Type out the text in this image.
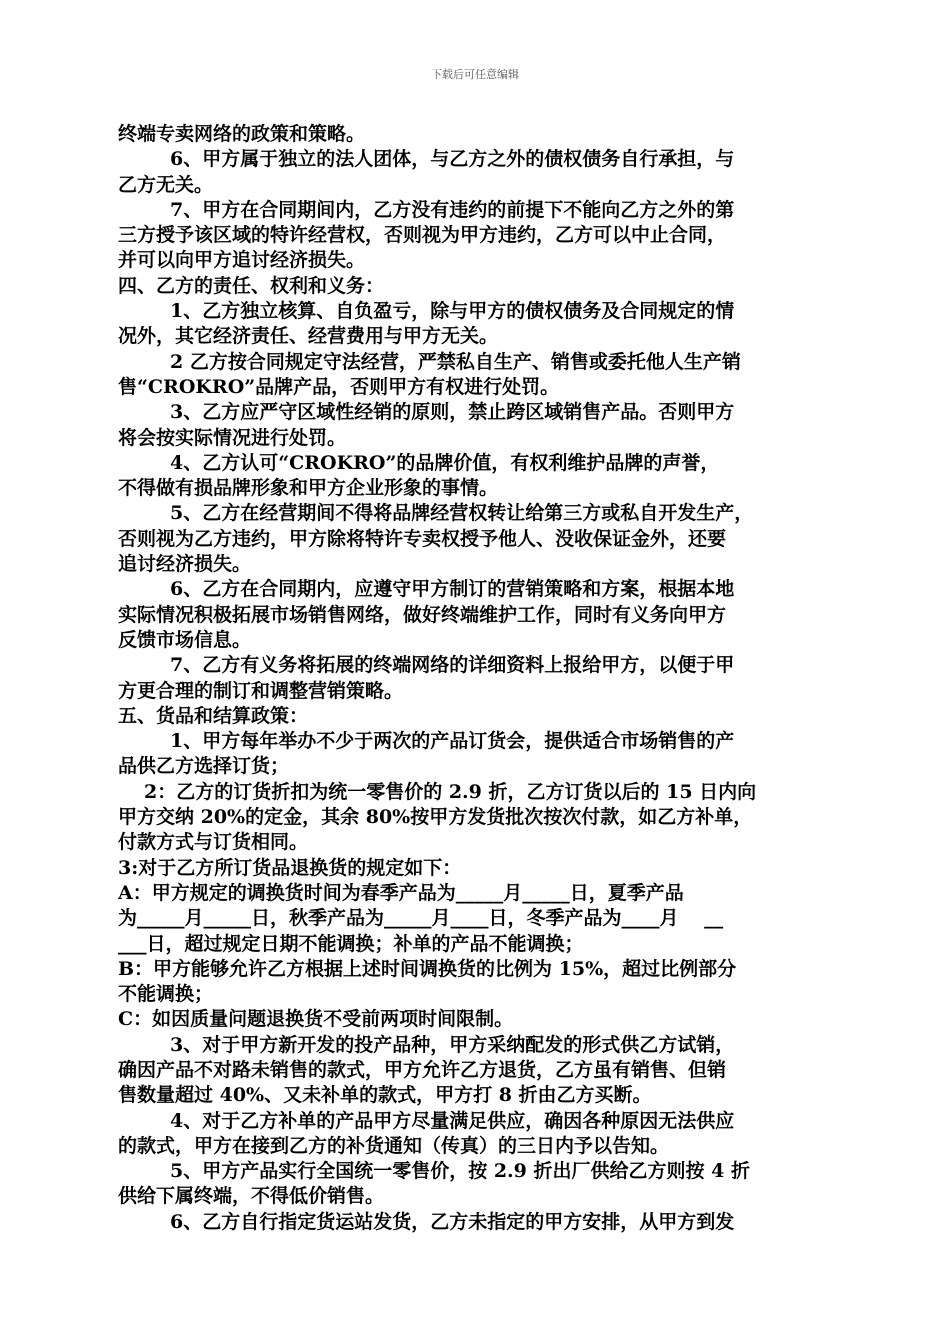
下载后可任意编辑
终端专卖网络的政策和策略。
6、甲方属于独立的法人团体，与乙方之外的债权债务自行承担，与
乙方无关。
7、甲方在合同期间内，乙方没有违约的前提下不能向乙方之外的第
三方授予该区域的特许经营权，否则视为甲方违约，乙方可以中止合同，
并可以向甲方追讨经济损失。
四、乙方的责任、权利和义务：
1、乙方独立核算、自负盈亏，除与甲方的债权债务及合同规定的情
况外，其它经济责任、经营费用与甲方无关。
2 乙方按合同规定守法经营，严禁私自生产、销售或委托他人生产销
售“CROKRO”品牌产品，否则甲方有权进行处罚。
3、乙方应严守区域性经销的原则，禁止跨区域销售产品。否则甲方
将会按实际情况进行处罚。
4、乙方认可“CROKRO”的品牌价值，有权利维护品牌的声誉，
不得做有损品牌形象和甲方企业形象的事情。
5、乙方在经营期间不得将品牌经营权转让给第三方或私自开发生产，
否则视为乙方违约，甲方除将特许专卖权授予他人、没收保证金外，还要
追讨经济损失。
6、乙方在合同期内，应遵守甲方制订的营销策略和方案，根据本地
实际情况积极拓展市场销售网络，做好终端维护工作，同时有义务向甲方
反馈市场信息。
7、乙方有义务将拓展的终端网络的详细资料上报给甲方，以便于甲
方更合理的制订和调整营销策略。
五、货品和结算政策：
1、甲方每年举办不少于两次的产品订货会，提供适合市场销售的产
品供乙方选择订货；
2：乙方的订货折扣为统一零售价的 2.9 折，乙方订货以后的 15 日内向
甲方交纳 20%的定金，其余 80%按甲方发货批次按次付款，如乙方补单，
付款方式与订货相同。
3:对于乙方所订货品退换货的规定如下：
A：甲方规定的调换货时间为春季产品为_____月_____日，夏季产品
为_____月_____日，秋季产品为_____月____日，冬季产品为____月　 __
___日，超过规定日期不能调换；补单的产品不能调换；
B：甲方能够允许乙方根据上述时间调换货的比例为 15%，超过比例部分
不能调换；
C：如因质量问题退换货不受前两项时间限制。
3、对于甲方新开发的投产品种，甲方采纳配发的形式供乙方试销，
确因产品不对路未销售的款式，甲方允许乙方退货，乙方虽有销售、但销
售数量超过 40%、又未补单的款式，甲方打 8 折由乙方买断。
4、对于乙方补单的产品甲方尽量满足供应，确因各种原因无法供应
的款式，甲方在接到乙方的补货通知（传真）的三日内予以告知。
5、甲方产品实行全国统一零售价，按 2.9 折出厂供给乙方则按 4 折
供给下属终端，不得低价销售。
6、乙方自行指定货运站发货，乙方未指定的甲方安排，从甲方到发
